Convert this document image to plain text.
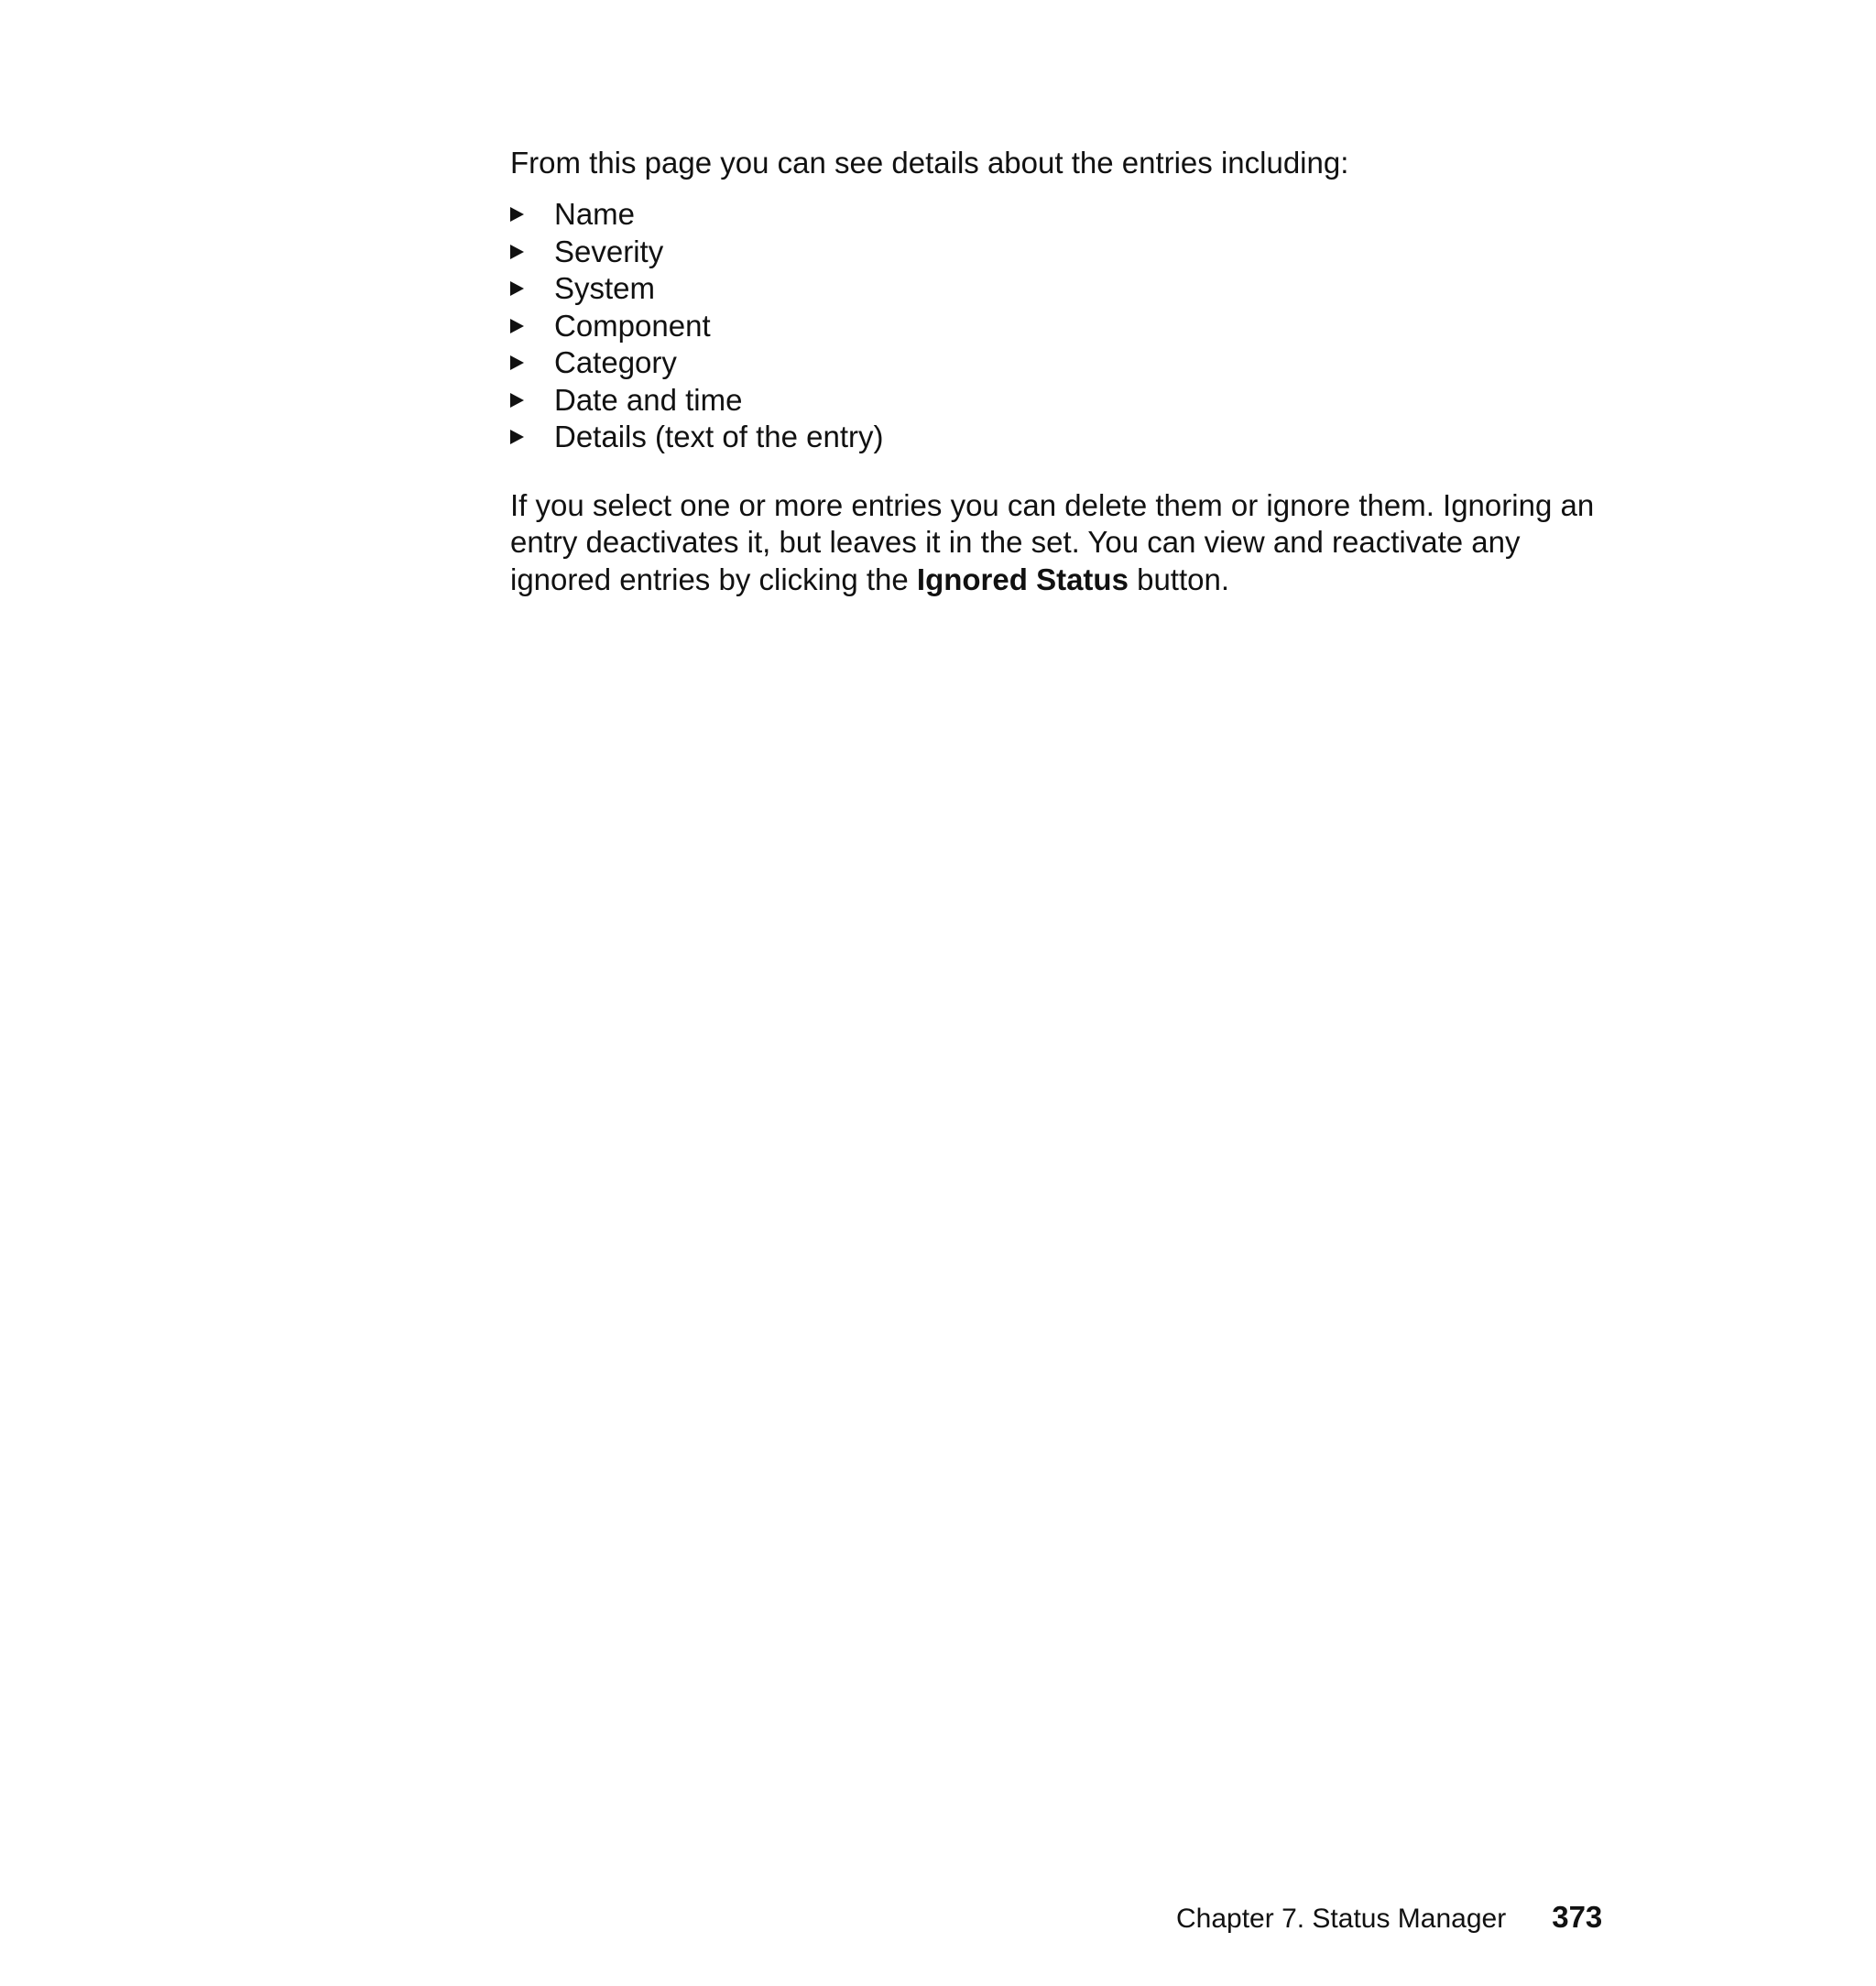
From this page you can see details about the entries including:

Name
Severity
System
Component
Category
Date and time
Details (text of the entry)

If you select one or more entries you can delete them or ignore them. Ignoring an entry deactivates it, but leaves it in the set. You can view and reactivate any ignored entries by clicking the Ignored Status button.

Chapter 7. Status Manager 373
